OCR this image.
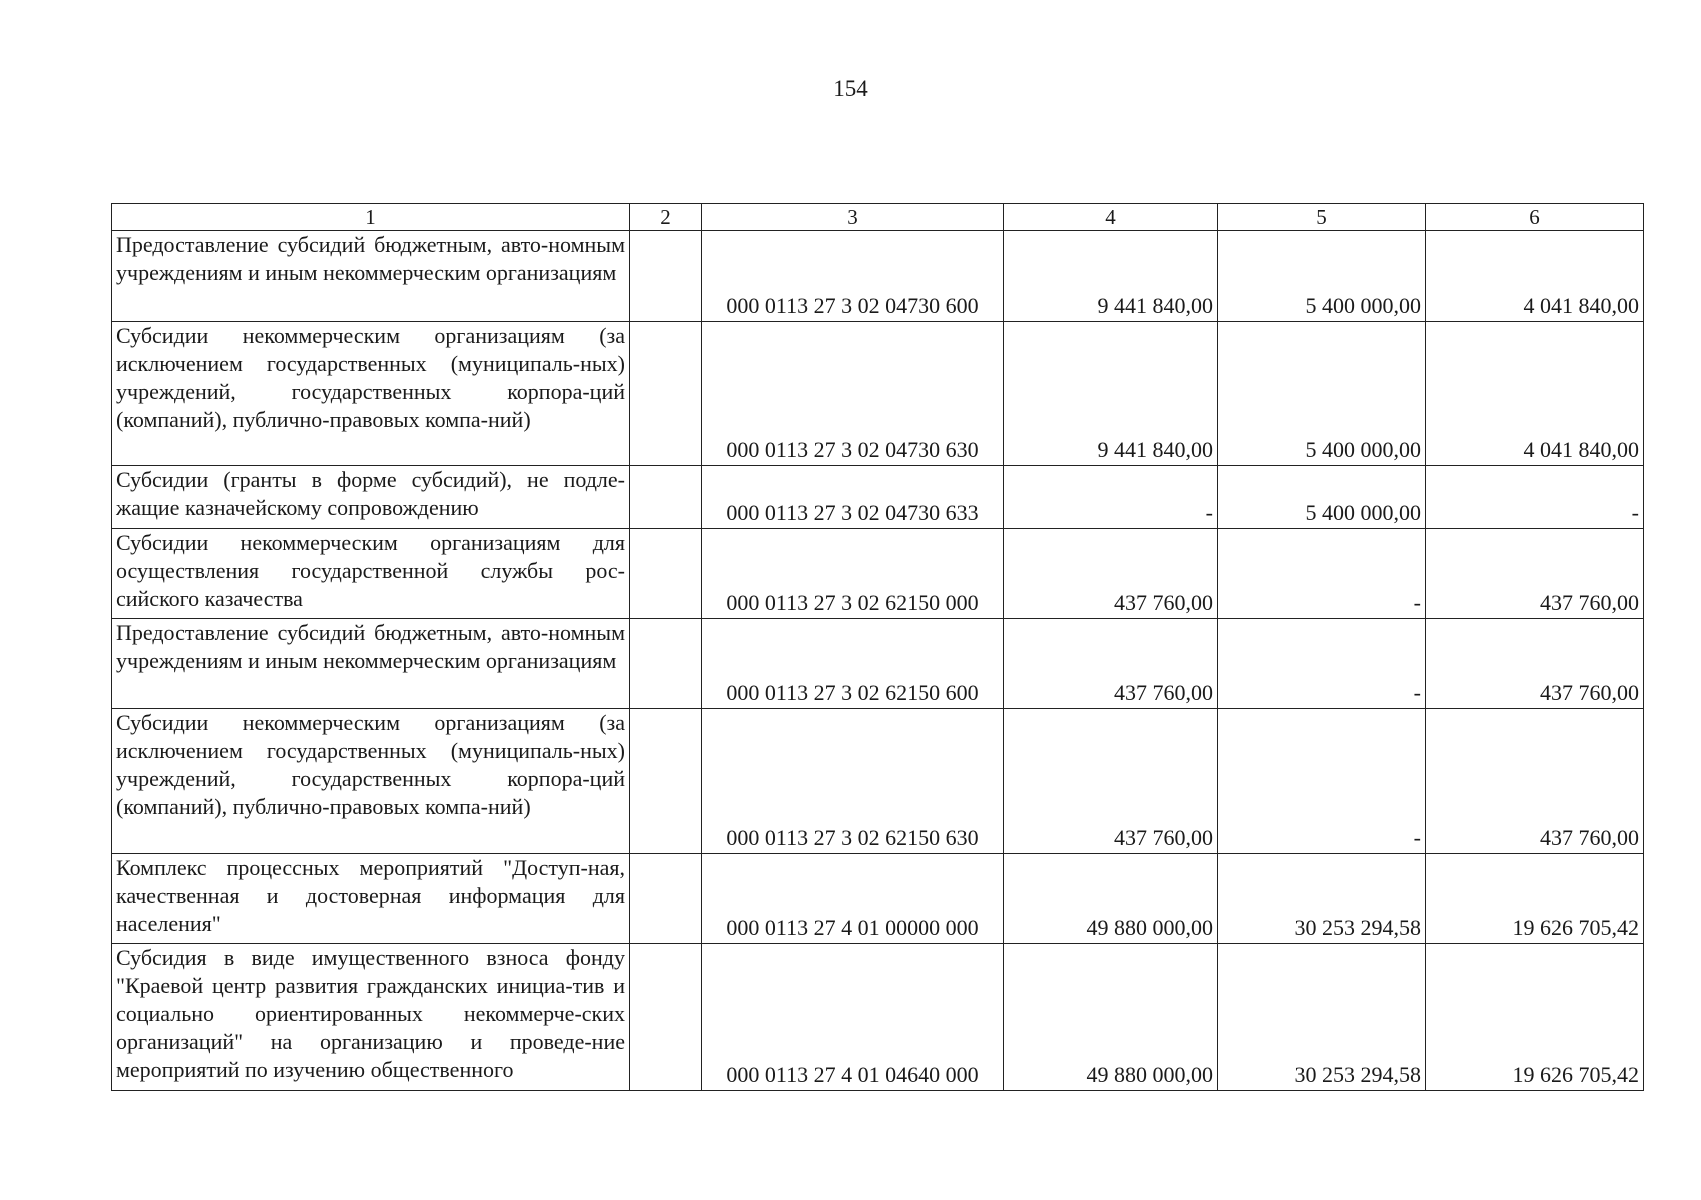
154
1	2	3	4	5	6
Предоставление субсидий бюджетным, авто-номным учреждениям и иным некоммерческим организациям		000 0113 27 3 02 04730 600	9 441 840,00	5 400 000,00	4 041 840,00
Субсидии некоммерческим организациям (за исключением государственных (муниципаль-ных) учреждений, государственных корпора-ций (компаний), публично-правовых компа-ний)		000 0113 27 3 02 04730 630	9 441 840,00	5 400 000,00	4 041 840,00
Субсидии (гранты в форме субсидий), не подле-жащие казначейскому сопровождению		000 0113 27 3 02 04730 633	-	5 400 000,00	-
Субсидии некоммерческим организациям для осуществления государственной службы рос-сийского казачества		000 0113 27 3 02 62150 000	437 760,00	-	437 760,00
Предоставление субсидий бюджетным, авто-номным учреждениям и иным некоммерческим организациям		000 0113 27 3 02 62150 600	437 760,00	-	437 760,00
Субсидии некоммерческим организациям (за исключением государственных (муниципаль-ных) учреждений, государственных корпора-ций (компаний), публично-правовых компа-ний)		000 0113 27 3 02 62150 630	437 760,00	-	437 760,00
Комплекс процессных мероприятий "Доступ-ная, качественная и достоверная информация для населения"		000 0113 27 4 01 00000 000	49 880 000,00	30 253 294,58	19 626 705,42
Субсидия в виде имущественного взноса фонду "Краевой центр развития гражданских инициа-тив и социально ориентированных некоммерче-ских организаций" на организацию и проведе-ние мероприятий по изучению общественного		000 0113 27 4 01 04640 000	49 880 000,00	30 253 294,58	19 626 705,42
